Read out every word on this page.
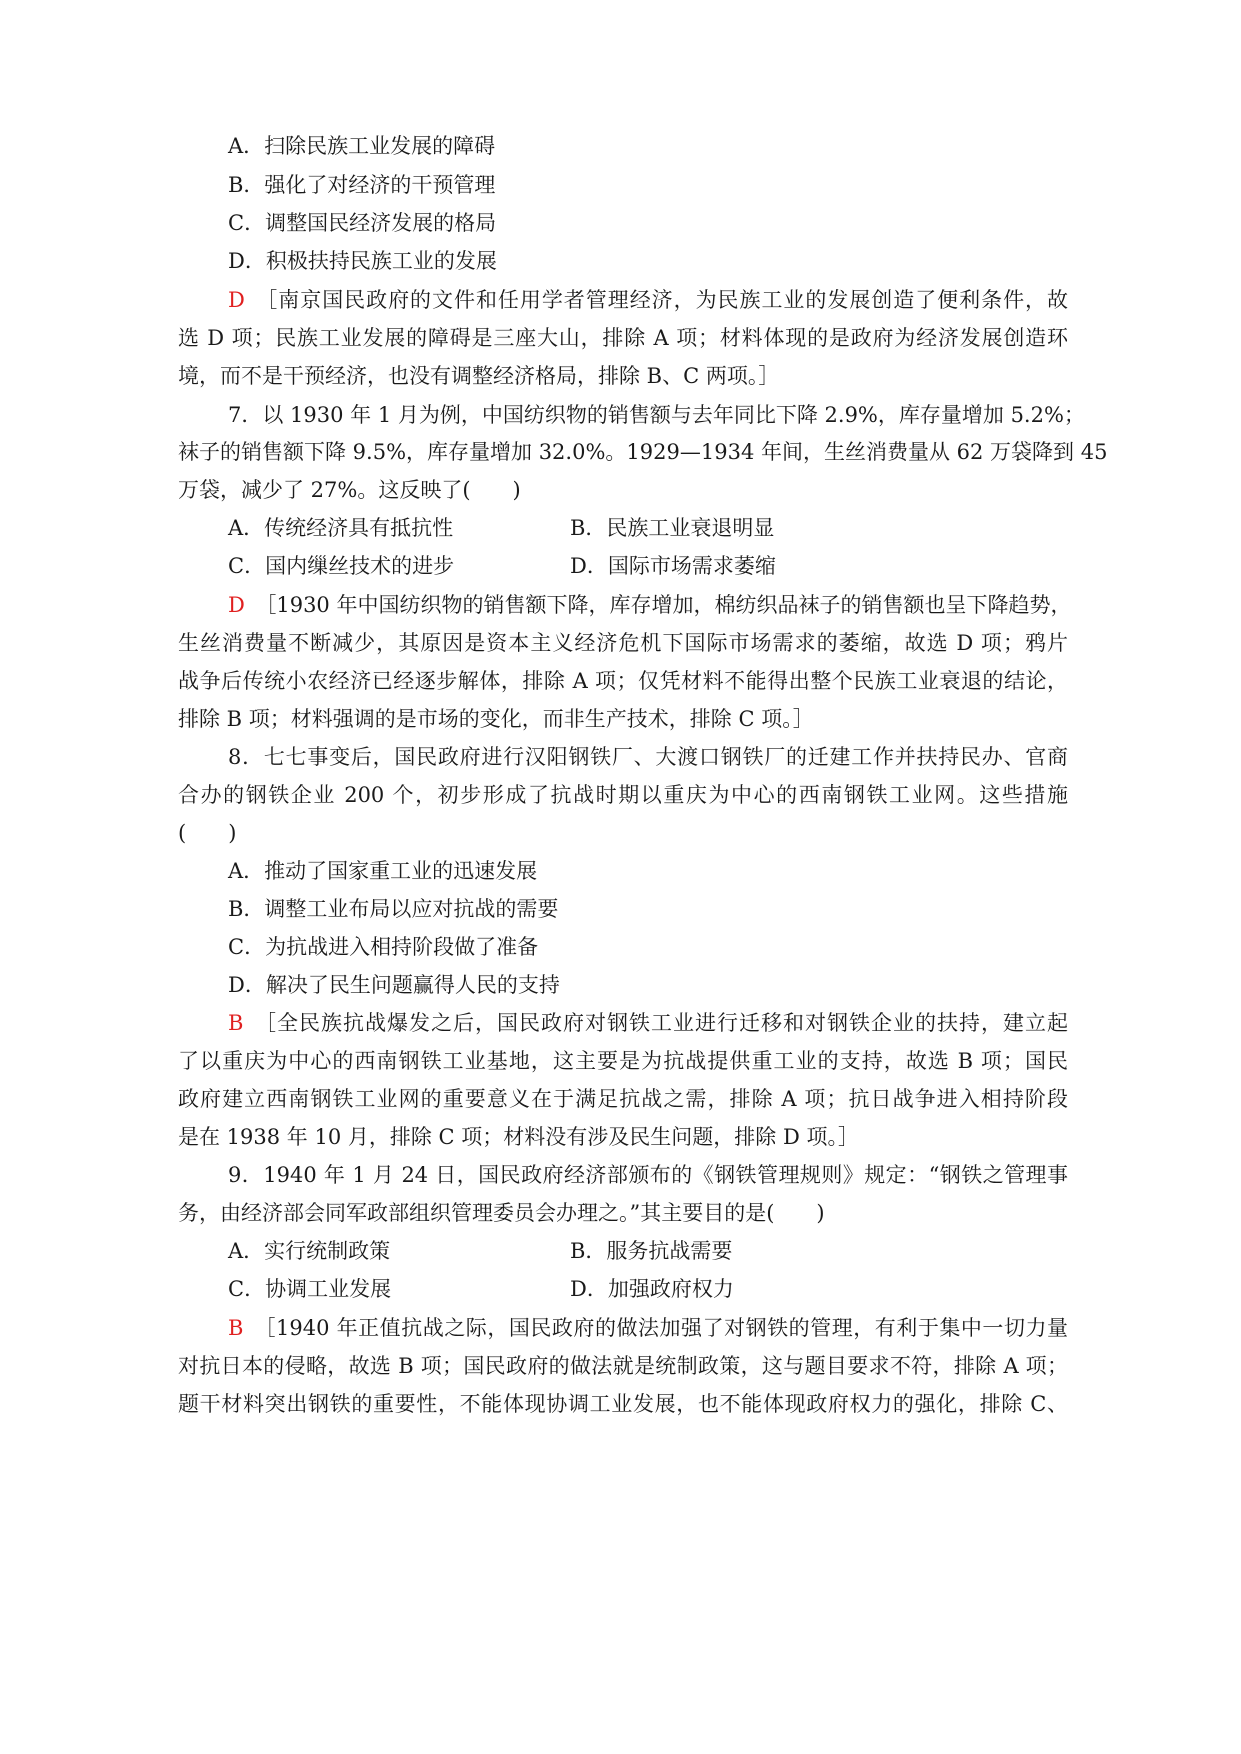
A．扫除民族工业发展的障碍
B．强化了对经济的干预管理
C．调整国民经济发展的格局
D．积极扶持民族工业的发展
D  ［南京国民政府的文件和任用学者管理经济，为民族工业的发展创造了便利条件，故
选 D 项；民族工业发展的障碍是三座大山，排除 A 项；材料体现的是政府为经济发展创造环
境，而不是干预经济，也没有调整经济格局，排除 B、C 两项。］
7．以 1930 年 1 月为例，中国纺织物的销售额与去年同比下降 2.9%，库存量增加 5.2%；
袜子的销售额下降 9.5%，库存量增加 32.0%。1929—1934 年间，生丝消费量从 62 万袋降到 45
万袋，减少了 27%。这反映了(　　)
A．传统经济具有抵抗性	B．民族工业衰退明显
C．国内缫丝技术的进步	D．国际市场需求萎缩
D  ［1930 年中国纺织物的销售额下降，库存增加，棉纺织品袜子的销售额也呈下降趋势，
生丝消费量不断减少，其原因是资本主义经济危机下国际市场需求的萎缩，故选 D 项；鸦片
战争后传统小农经济已经逐步解体，排除 A 项；仅凭材料不能得出整个民族工业衰退的结论，
排除 B 项；材料强调的是市场的变化，而非生产技术，排除 C 项。］
8．七七事变后，国民政府进行汉阳钢铁厂、大渡口钢铁厂的迁建工作并扶持民办、官商
合办的钢铁企业 200 个，初步形成了抗战时期以重庆为中心的西南钢铁工业网。这些措施
(　　)
A．推动了国家重工业的迅速发展
B．调整工业布局以应对抗战的需要
C．为抗战进入相持阶段做了准备
D．解决了民生问题赢得人民的支持
B  ［全民族抗战爆发之后，国民政府对钢铁工业进行迁移和对钢铁企业的扶持，建立起
了以重庆为中心的西南钢铁工业基地，这主要是为抗战提供重工业的支持，故选 B 项；国民
政府建立西南钢铁工业网的重要意义在于满足抗战之需，排除 A 项；抗日战争进入相持阶段
是在 1938 年 10 月，排除 C 项；材料没有涉及民生问题，排除 D 项。］
9．1940 年 1 月 24 日，国民政府经济部颁布的《钢铁管理规则》规定：“钢铁之管理事
务，由经济部会同军政部组织管理委员会办理之。”其主要目的是(　　)
A．实行统制政策	B．服务抗战需要
C．协调工业发展	D．加强政府权力
B  ［1940 年正值抗战之际，国民政府的做法加强了对钢铁的管理，有利于集中一切力量
对抗日本的侵略，故选 B 项；国民政府的做法就是统制政策，这与题目要求不符，排除 A 项；
题干材料突出钢铁的重要性，不能体现协调工业发展，也不能体现政府权力的强化，排除 C、
